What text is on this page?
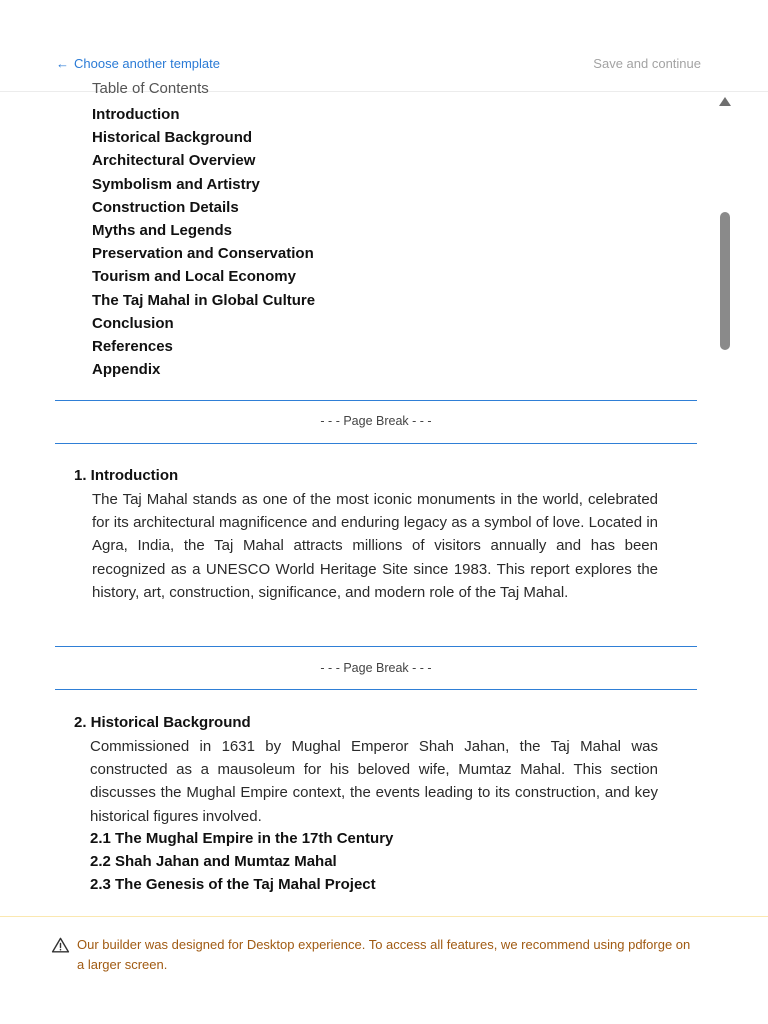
← Choose another template	Save and continue
Table of Contents
Introduction
Historical Background
Architectural Overview
Symbolism and Artistry
Construction Details
Myths and Legends
Preservation and Conservation
Tourism and Local Economy
The Taj Mahal in Global Culture
Conclusion
References
Appendix
- - - Page Break - - -
1. Introduction
The Taj Mahal stands as one of the most iconic monuments in the world, celebrated for its architectural magnificence and enduring legacy as a symbol of love. Located in Agra, India, the Taj Mahal attracts millions of visitors annually and has been recognized as a UNESCO World Heritage Site since 1983. This report explores the history, art, construction, significance, and modern role of the Taj Mahal.
- - - Page Break - - -
2. Historical Background
Commissioned in 1631 by Mughal Emperor Shah Jahan, the Taj Mahal was constructed as a mausoleum for his beloved wife, Mumtaz Mahal. This section discusses the Mughal Empire context, the events leading to its construction, and key historical figures involved.
2.1 The Mughal Empire in the 17th Century
2.2 Shah Jahan and Mumtaz Mahal
2.3 The Genesis of the Taj Mahal Project
Our builder was designed for Desktop experience. To access all features, we recommend using pdforge on a larger screen.
